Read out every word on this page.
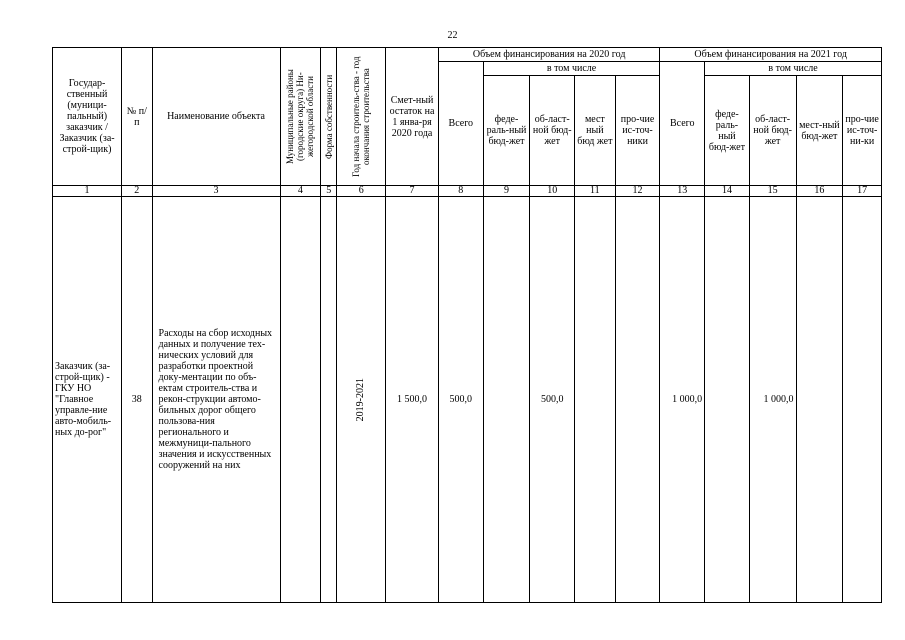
22
Государ-ственный (муници-пальный) заказчик /Заказчик (за-строй-щик)	№ п/п	Наименование объекта	Муниципальные районы (городские округа) Ни-жегородской области	Форма собственности	Год начала строитель-ства - год окончания строительства	Смет-ный остаток на 1 янва-ря 2020 года	Объем финансирования на 2020 год					Объем финансирования на 2021 год				
							Всего	в том числе				Всего	в том числе			
								феде-раль-ный бюд-жет	об-ласт-ной бюд-жет	мест ный бюд жет	про-чие ис-точ-ники		феде-раль-ный бюд-жет	об-ласт-ной бюд-жет	мест-ный бюд-жет	про-чие ис-точ-ни-ки
1	2	3	4	5	6	7	8	9	10	11	12	13	14	15	16	17
Заказчик (за-строй-щик) - ГКУ НО "Главное управле-ние авто-мобиль-ных до-рог"	38	Расходы на сбор исходных данных и получение тех-нических условий для разработки проектной доку-ментации по объ-ектам строитель-ства и рекон-струкции автомо-бильных дорог общего пользова-ния регионального и межмуници-пального значения и искусственных сооружений на них			2019-2021	1 500,0	500,0		500,0			1 000,0		1 000,0		
